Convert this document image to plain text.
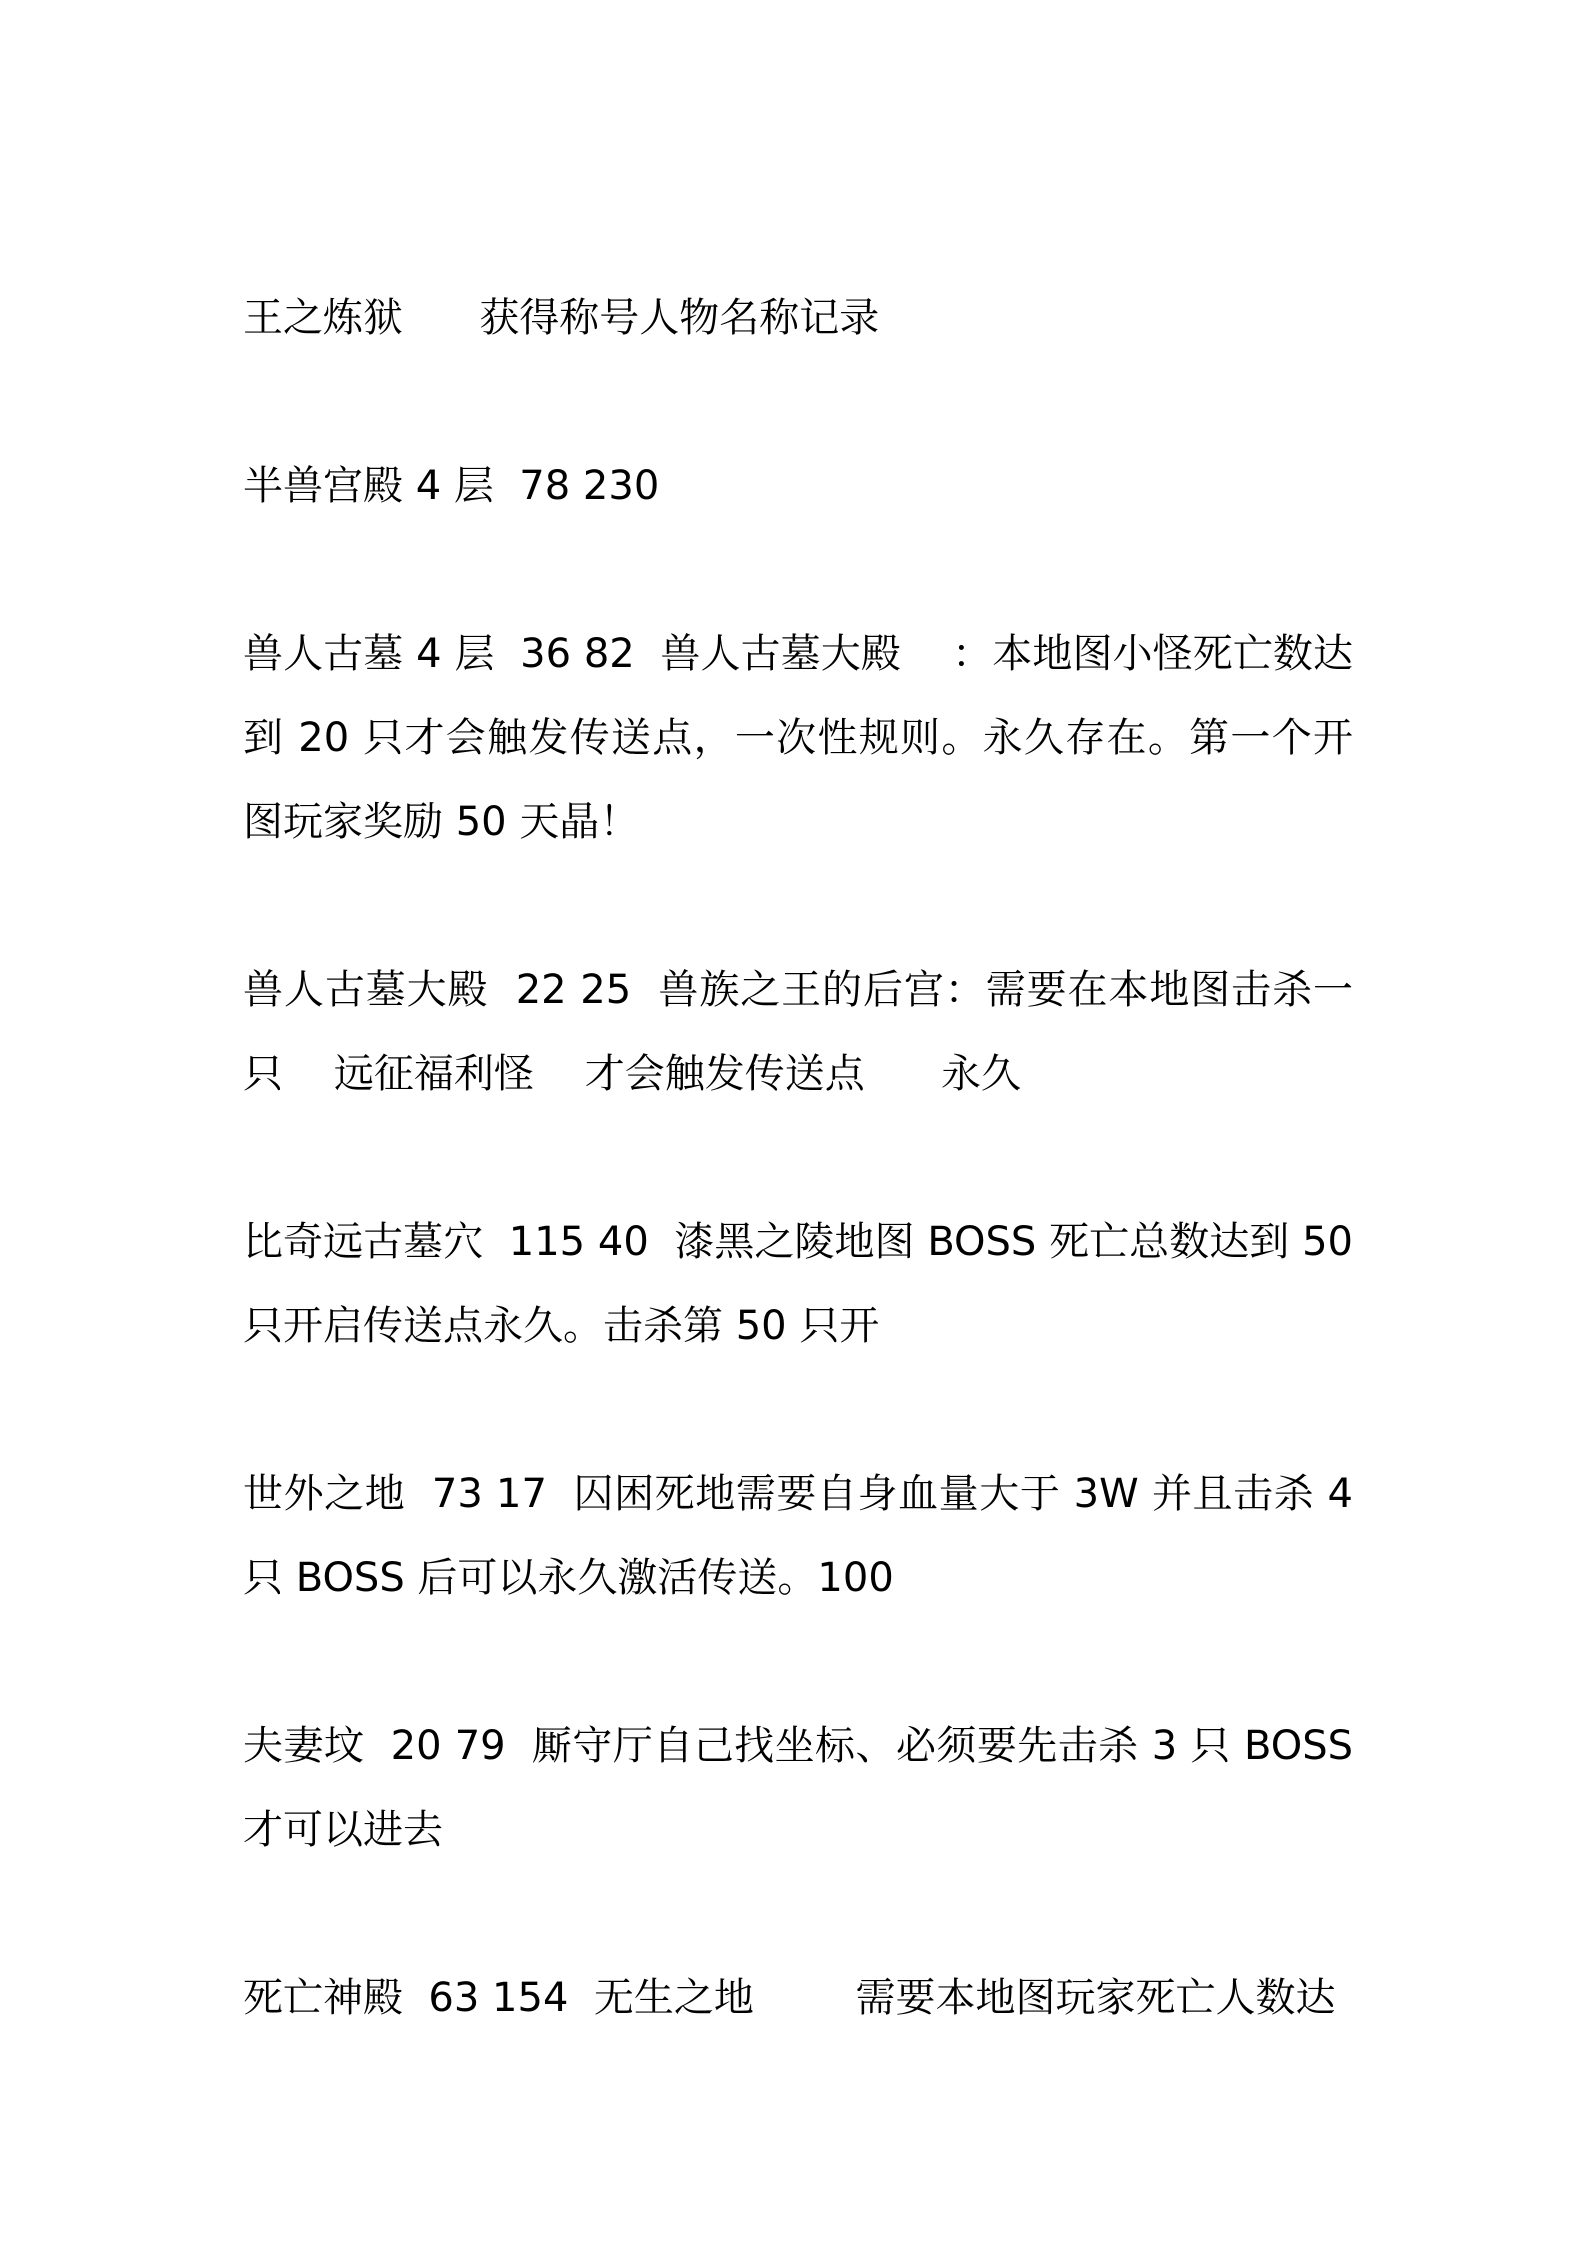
王之炼狱      获得称号人物名称记录

半兽宫殿 4 层  78 230

兽人古墓 4 层  36 82  兽人古墓大殿    ：本地图小怪死亡数达到 20 只才会触发传送点，一次性规则。永久存在。第一个开图玩家奖励 50 天晶！

兽人古墓大殿  22 25  兽族之王的后宫：需要在本地图击杀一只    远征福利怪    才会触发传送点      永久

比奇远古墓穴  115 40  漆黑之陵地图 BOSS 死亡总数达到 50 只开启传送点永久。击杀第 50 只开

世外之地  73 17  囚困死地需要自身血量大于 3W 并且击杀 4 只 BOSS 后可以永久激活传送。100

夫妻坟  20 79  厮守厅自己找坐标、必须要先击杀 3 只 BOSS 才可以进去

死亡神殿  63 154  无生之地        需要本地图玩家死亡人数达
